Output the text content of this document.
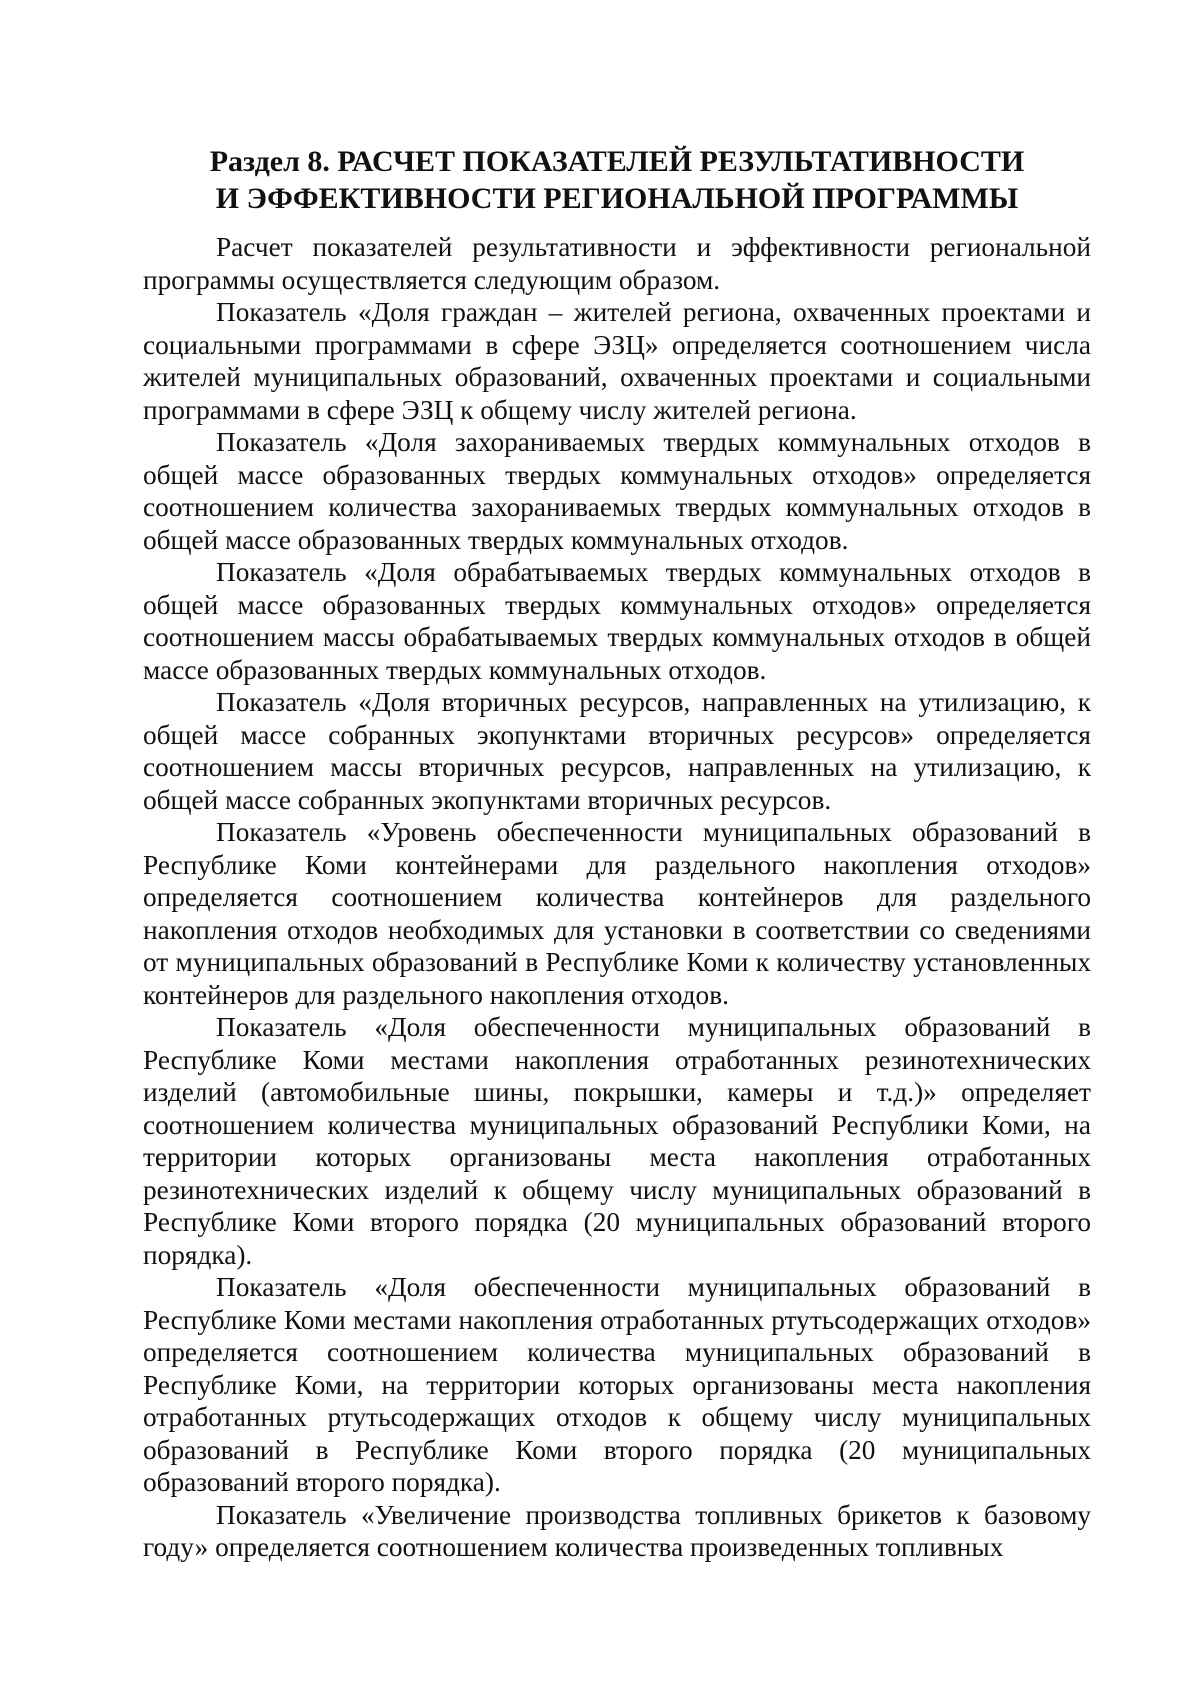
Раздел 8. РАСЧЕТ ПОКАЗАТЕЛЕЙ РЕЗУЛЬТАТИВНОСТИ
И ЭФФЕКТИВНОСТИ РЕГИОНАЛЬНОЙ ПРОГРАММЫ

Расчет показателей результативности и эффективности региональной программы осуществляется следующим образом.

Показатель «Доля граждан – жителей региона, охваченных проектами и социальными программами в сфере ЭЗЦ» определяется соотношением числа жителей муниципальных образований, охваченных проектами и социальными программами в сфере ЭЗЦ к общему числу жителей региона.

Показатель «Доля захораниваемых твердых коммунальных отходов в общей массе образованных твердых коммунальных отходов» определяется соотношением количества захораниваемых твердых коммунальных отходов в общей массе образованных твердых коммунальных отходов.

Показатель «Доля обрабатываемых твердых коммунальных отходов в общей массе образованных твердых коммунальных отходов» определяется соотношением массы обрабатываемых твердых коммунальных отходов в общей массе образованных твердых коммунальных отходов.

Показатель «Доля вторичных ресурсов, направленных на утилизацию, к общей массе собранных экопунктами вторичных ресурсов» определяется соотношением массы вторичных ресурсов, направленных на утилизацию, к общей массе собранных экопунктами вторичных ресурсов.

Показатель «Уровень обеспеченности муниципальных образований в Республике Коми контейнерами для раздельного накопления отходов» определяется соотношением количества контейнеров для раздельного накопления отходов необходимых для установки в соответствии со сведениями от муниципальных образований в Республике Коми к количеству установленных контейнеров для раздельного накопления отходов.

Показатель «Доля обеспеченности муниципальных образований в Республике Коми местами накопления отработанных резинотехнических изделий (автомобильные шины, покрышки, камеры и т.д.)» определяет соотношением количества муниципальных образований Республики Коми, на территории которых организованы места накопления отработанных резинотехнических изделий к общему числу муниципальных образований в Республике Коми второго порядка (20 муниципальных образований второго порядка).

Показатель «Доля обеспеченности муниципальных образований в Республике Коми местами накопления отработанных ртутьсодержащих отходов» определяется соотношением количества муниципальных образований в Республике Коми, на территории которых организованы места накопления отработанных ртутьсодержащих отходов к общему числу муниципальных образований в Республике Коми второго порядка (20 муниципальных образований второго порядка).

Показатель «Увеличение производства топливных брикетов к базовому году» определяется соотношением количества произведенных топливных
